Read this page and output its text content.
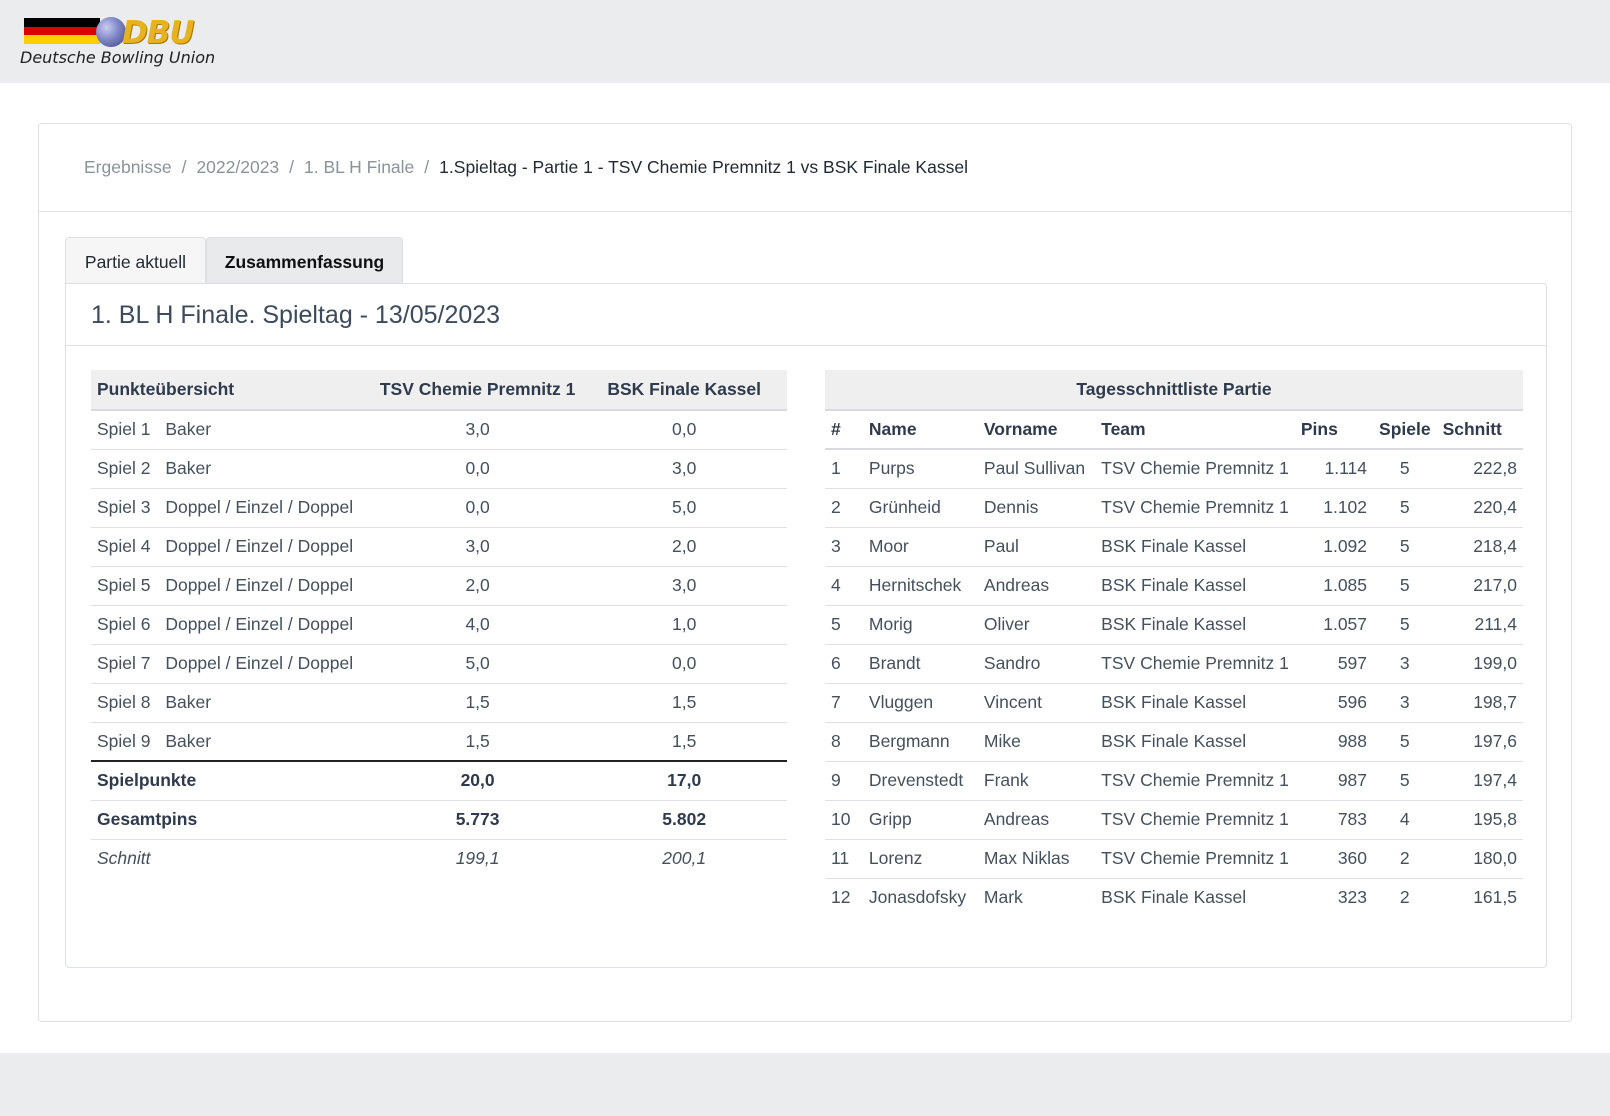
DBU
Deutsche Bowling Union
Ergebnisse / 2022/2023 / 1. BL H Finale / 1.Spieltag - Partie 1 - TSV Chemie Premnitz 1 vs BSK Finale Kassel
Partie aktuell	Zusammenfassung
1. BL H Finale. Spieltag - 13/05/2023
Punkteübersicht		TSV Chemie Premnitz 1	BSK Finale Kassel
Spiel 1	Baker	3,0	0,0
Spiel 2	Baker	0,0	3,0
Spiel 3	Doppel / Einzel / Doppel	0,0	5,0
Spiel 4	Doppel / Einzel / Doppel	3,0	2,0
Spiel 5	Doppel / Einzel / Doppel	2,0	3,0
Spiel 6	Doppel / Einzel / Doppel	4,0	1,0
Spiel 7	Doppel / Einzel / Doppel	5,0	0,0
Spiel 8	Baker	1,5	1,5
Spiel 9	Baker	1,5	1,5
Spielpunkte		20,0	17,0
Gesamtpins		5.773	5.802
Schnitt		199,1	200,1
Tagesschnittliste Partie						
#	Name	Vorname	Team	Pins	Spiele	Schnitt
1	Purps	Paul Sullivan	TSV Chemie Premnitz 1	1.114	5	222,8
2	Grünheid	Dennis	TSV Chemie Premnitz 1	1.102	5	220,4
3	Moor	Paul	BSK Finale Kassel	1.092	5	218,4
4	Hernitschek	Andreas	BSK Finale Kassel	1.085	5	217,0
5	Morig	Oliver	BSK Finale Kassel	1.057	5	211,4
6	Brandt	Sandro	TSV Chemie Premnitz 1	597	3	199,0
7	Vluggen	Vincent	BSK Finale Kassel	596	3	198,7
8	Bergmann	Mike	BSK Finale Kassel	988	5	197,6
9	Drevenstedt	Frank	TSV Chemie Premnitz 1	987	5	197,4
10	Gripp	Andreas	TSV Chemie Premnitz 1	783	4	195,8
11	Lorenz	Max Niklas	TSV Chemie Premnitz 1	360	2	180,0
12	Jonasdofsky	Mark	BSK Finale Kassel	323	2	161,5
